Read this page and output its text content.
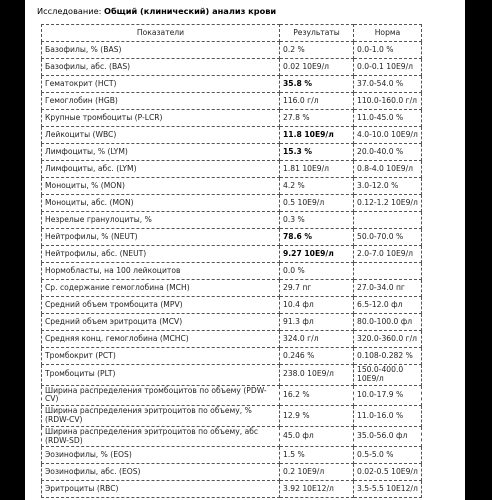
Исследование: Общий (клинический) анализ крови
Показатели	Результаты	Норма
Базофилы, % (BAS)	0.2 %	0.0-1.0 %
Базофилы, абс. (BAS)	0.02 10E9/л	0.0-0.1 10E9/л
Гематокрит (HCT)	35.8 %	37.0-54.0 %
Гемоглобин (HGB)	116.0 г/л	110.0-160.0 г/л
Крупные тромбоциты (P-LCR)	27.8 %	11.0-45.0 %
Лейкоциты (WBC)	11.8 10E9/л	4.0-10.0 10E9/л
Лимфоциты, % (LYM)	15.3 %	20.0-40.0 %
Лимфоциты, абс. (LYM)	1.81 10E9/л	0.8-4.0 10E9/л
Моноциты, % (MON)	4.2 %	3.0-12.0 %
Моноциты, абс. (MON)	0.5 10E9/л	0.12-1.2 10E9/л
Незрелые гранулоциты, %	0.3 %	
Нейтрофилы, % (NEUT)	78.6 %	50.0-70.0 %
Нейтрофилы, абс. (NEUT)	9.27 10E9/л	2.0-7.0 10E9/л
Нормобласты, на 100 лейкоцитов	0.0 %	
Ср. содержание гемоглобина (MCH)	29.7 пг	27.0-34.0 пг
Средний объем тромбоцита (MPV)	10.4 фл	6.5-12.0 фл
Средний объем эритроцита (MCV)	91.3 фл	80.0-100.0 фл
Средняя конц. гемоглобина (MCHC)	324.0 г/л	320.0-360.0 г/л
Тромбокрит (PCT)	0.246 %	0.108-0.282 %
Тромбоциты (PLT)	238.0 10E9/л	150.0-400.0 10E9/л
Ширина распределения тромбоцитов по объему (PDW-CV)	16.2 %	10.0-17.9 %
Ширина распределения эритроцитов по объему, % (RDW-CV)	12.9 %	11.0-16.0 %
Ширина распределения эритроцитов по объему, абс (RDW-SD)	45.0 фл	35.0-56.0 фл
Эозинофилы, % (EOS)	1.5 %	0.5-5.0 %
Эозинофилы, абс. (EOS)	0.2 10E9/л	0.02-0.5 10E9/л
Эритроциты (RBC)	3.92 10E12/л	3.5-5.5 10E12/л
